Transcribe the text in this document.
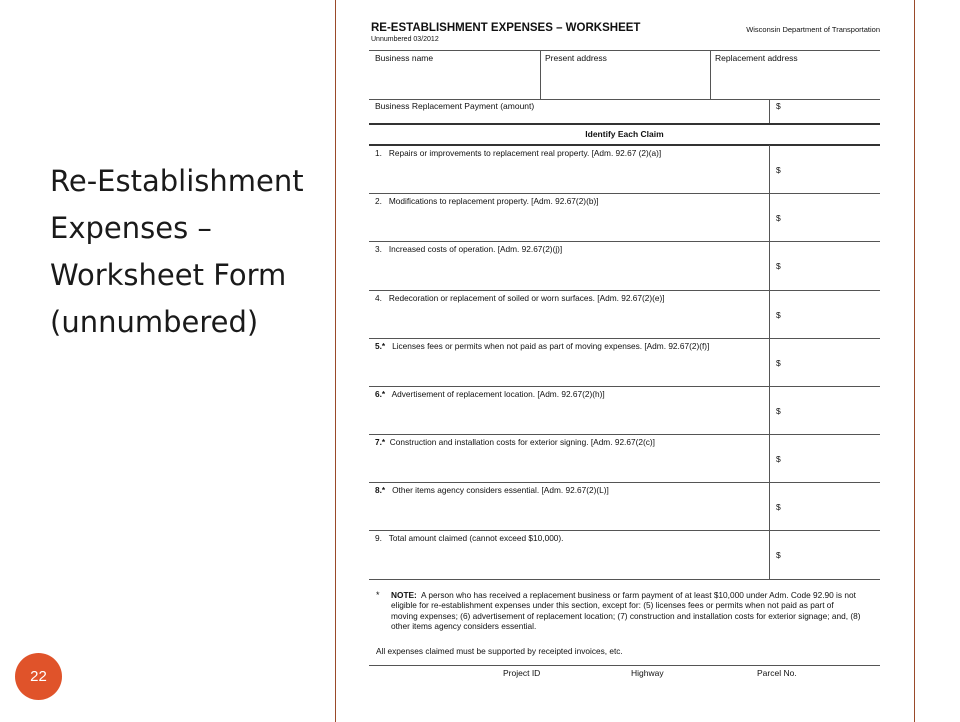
Re-Establishment
Expenses –
Worksheet Form
(unnumbered)
22
RE-ESTABLISHMENT EXPENSES – WORKSHEET
Unnumbered 03/2012
Wisconsin Department of Transportation
Business name	Present address	Replacement address
Business Replacement Payment (amount)	$
Identify Each Claim
1. Repairs or improvements to replacement real property. [Adm. 92.67 (2)(a)]
$
2. Modifications to replacement property. [Adm. 92.67(2)(b)]
$
3. Increased costs of operation. [Adm. 92.67(2)(j)]
$
4. Redecoration or replacement of soiled or worn surfaces. [Adm. 92.67(2)(e)]
$
5.* Licenses fees or permits when not paid as part of moving expenses. [Adm. 92.67(2)(f)]
$
6.* Advertisement of replacement location. [Adm. 92.67(2)(h)]
$
7.* Construction and installation costs for exterior signing. [Adm. 92.67(2(c)]
$
8.* Other items agency considers essential. [Adm. 92.67(2)(L)]
$
9. Total amount claimed (cannot exceed $10,000).
$
* NOTE: A person who has received a replacement business or farm payment of at least $10,000 under Adm. Code 92.90 is not eligible for re-establishment expenses under this section, except for: (5) licenses fees or permits when not paid as part of moving expenses; (6) advertisement of replacement location; (7) construction and installation costs for exterior signage; and, (8) other items agency considers essential.
All expenses claimed must be supported by receipted invoices, etc.
Project ID	Highway	Parcel No.
